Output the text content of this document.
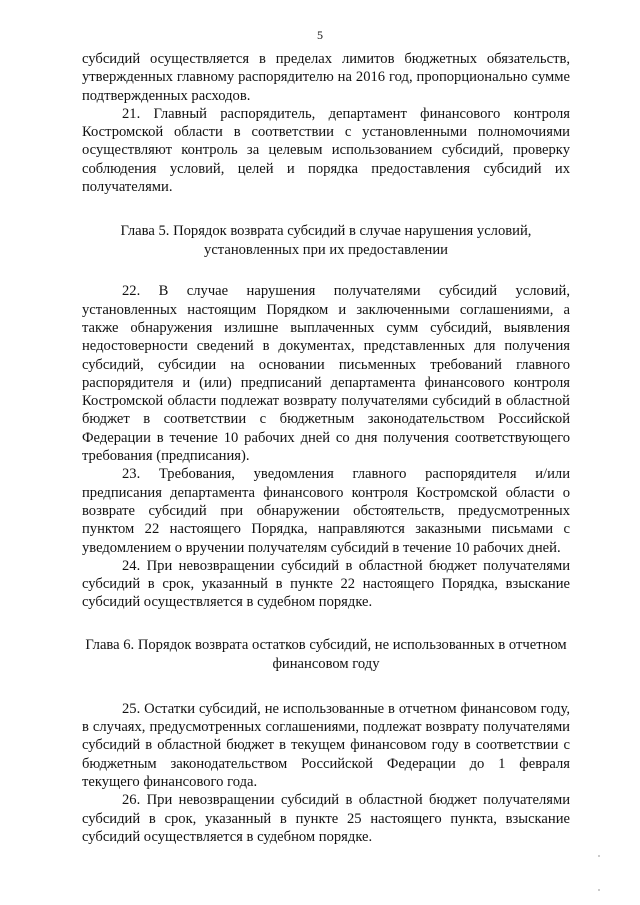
5

субсидий осуществляется в пределах лимитов бюджетных обязательств, утвержденных главному распорядителю на 2016 год, пропорционально сумме подтвержденных расходов.

21. Главный распорядитель, департамент финансового контроля Костромской области в соответствии с установленными полномочиями осуществляют контроль за целевым использованием субсидий, проверку соблюдения условий, целей и порядка предоставления субсидий их получателями.

Глава 5. Порядок возврата субсидий в случае нарушения условий, установленных при их предоставлении

22. В случае нарушения получателями субсидий условий, установленных настоящим Порядком и заключенными соглашениями, а также обнаружения излишне выплаченных сумм субсидий, выявления недостоверности сведений в документах, представленных для получения субсидий, субсидии на основании письменных требований главного распорядителя и (или) предписаний департамента финансового контроля Костромской области подлежат возврату получателями субсидий в областной бюджет в соответствии с бюджетным законодательством Российской Федерации в течение 10 рабочих дней со дня получения соответствующего требования (предписания).

23. Требования, уведомления главного распорядителя и/или предписания департамента финансового контроля Костромской области о возврате субсидий при обнаружении обстоятельств, предусмотренных пунктом 22 настоящего Порядка, направляются заказными письмами с уведомлением о вручении получателям субсидий в течение 10 рабочих дней.

24. При невозвращении субсидий в областной бюджет получателями субсидий в срок, указанный в пункте 22 настоящего Порядка, взыскание субсидий осуществляется в судебном порядке.

Глава 6. Порядок возврата остатков субсидий, не использованных в отчетном финансовом году

25. Остатки субсидий, не использованные в отчетном финансовом году, в случаях, предусмотренных соглашениями, подлежат возврату получателями субсидий в областной бюджет в текущем финансовом году в соответствии с бюджетным законодательством Российской Федерации до 1 февраля текущего финансового года.

26. При невозвращении субсидий в областной бюджет получателями субсидий в срок, указанный в пункте 25 настоящего пункта, взыскание субсидий осуществляется в судебном порядке.
